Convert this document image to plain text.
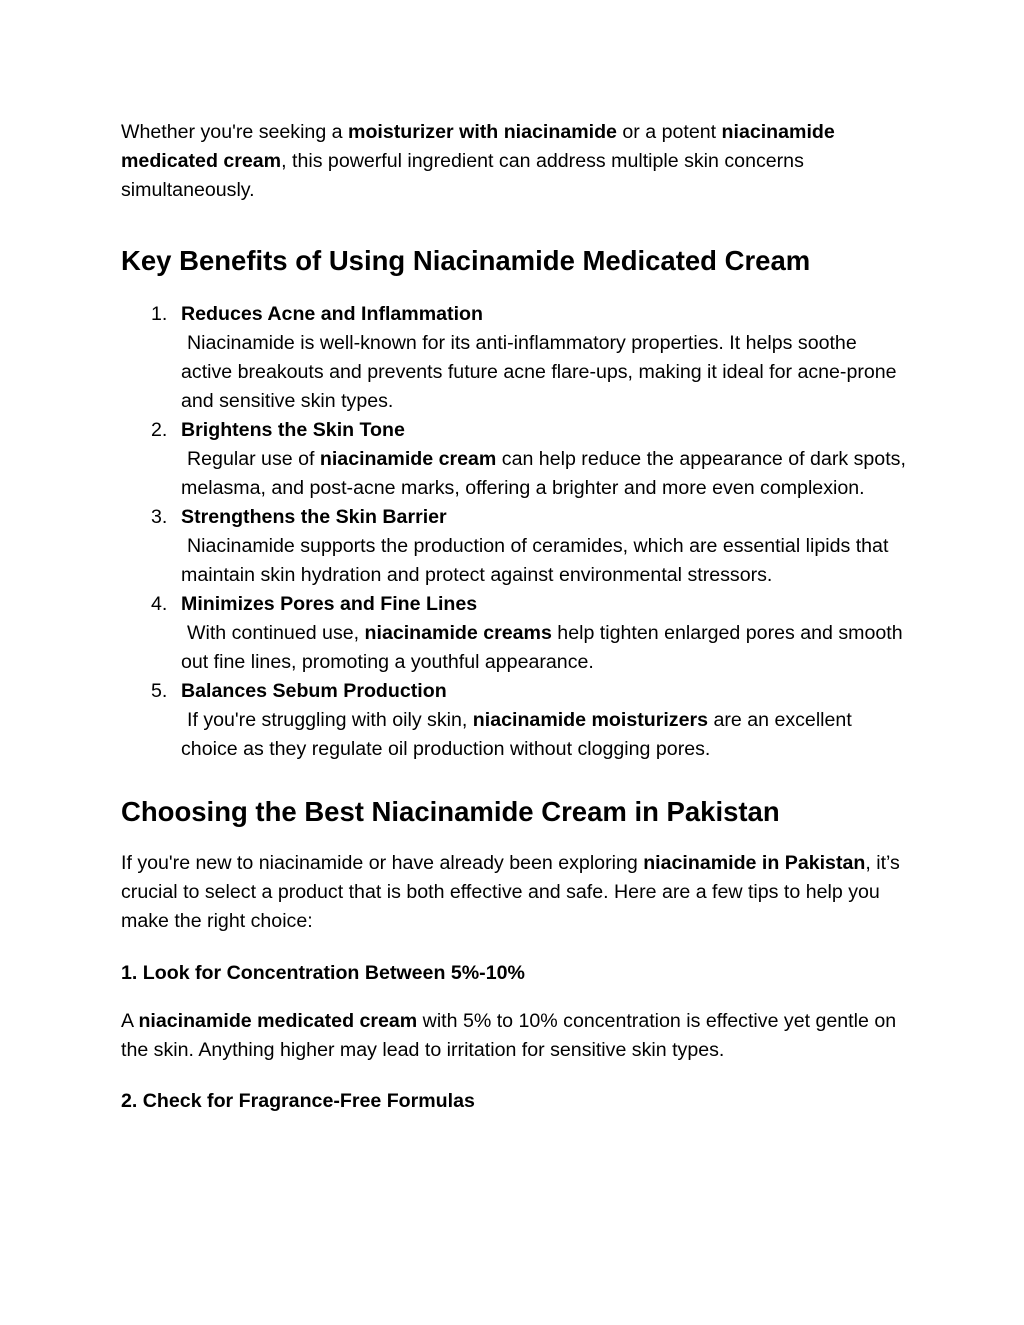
Whether you're seeking a moisturizer with niacinamide or a potent niacinamide medicated cream, this powerful ingredient can address multiple skin concerns simultaneously.

Key Benefits of Using Niacinamide Medicated Cream
1. Reduces Acne and Inflammation
Niacinamide is well-known for its anti-inflammatory properties. It helps soothe active breakouts and prevents future acne flare-ups, making it ideal for acne-prone and sensitive skin types.
2. Brightens the Skin Tone
Regular use of niacinamide cream can help reduce the appearance of dark spots, melasma, and post-acne marks, offering a brighter and more even complexion.
3. Strengthens the Skin Barrier
Niacinamide supports the production of ceramides, which are essential lipids that maintain skin hydration and protect against environmental stressors.
4. Minimizes Pores and Fine Lines
With continued use, niacinamide creams help tighten enlarged pores and smooth out fine lines, promoting a youthful appearance.
5. Balances Sebum Production
If you're struggling with oily skin, niacinamide moisturizers are an excellent choice as they regulate oil production without clogging pores.
Choosing the Best Niacinamide Cream in Pakistan

If you're new to niacinamide or have already been exploring niacinamide in Pakistan, it’s crucial to select a product that is both effective and safe. Here are a few tips to help you make the right choice:

1. Look for Concentration Between 5%-10%

A niacinamide medicated cream with 5% to 10% concentration is effective yet gentle on the skin. Anything higher may lead to irritation for sensitive skin types.

2. Check for Fragrance-Free Formulas
